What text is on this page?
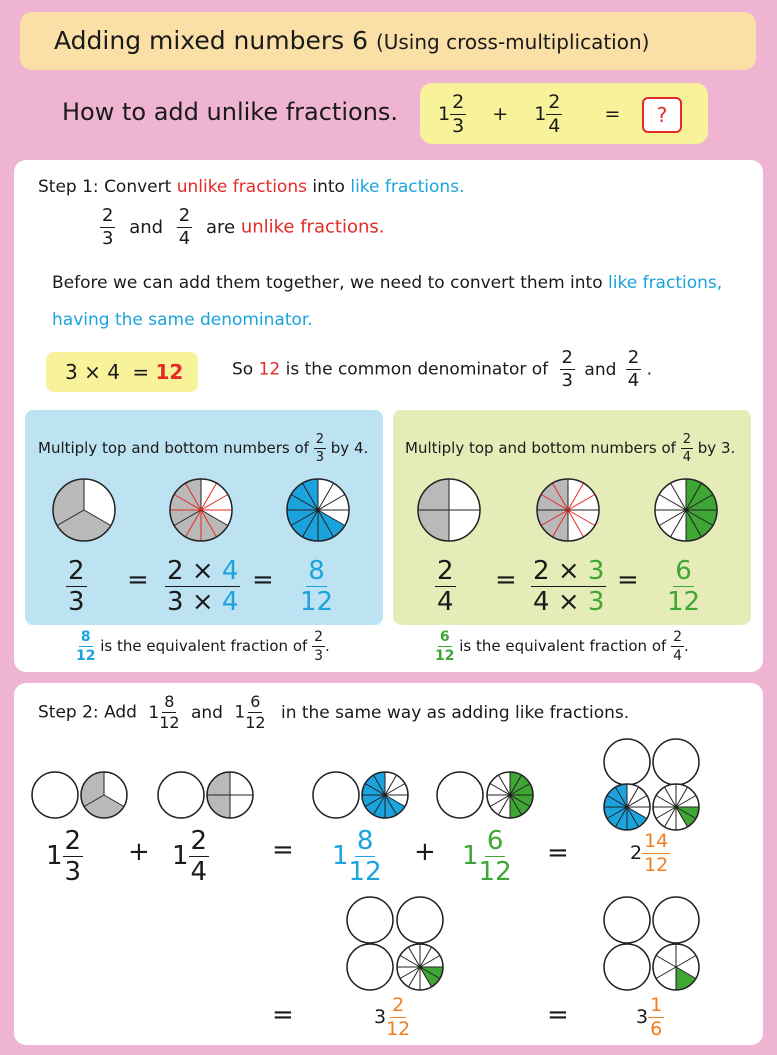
Adding mixed numbers 6 (Using cross-multiplication)
How to add unlike fractions. $1 \frac{2}{3} + 1 \frac{2}{4}$ =	?
Step 1: Convert unlike fractions into like fractions.
$\frac{2}{3}$ and $\frac{2}{4}$ are unlike fractions.
Before we can add them together, we need to convert them into like fractions,
having the same denominator.
3 × 4 = 12	So 12 is the common denominator of $\frac{2}{3}$ and $\frac{2}{4}$ .
Multiply top and bottom numbers of $\frac{2}{3}$ by 4.
$\frac{2}{3} = \frac{2 \times 4}{3 \times 4} = \frac{8}{12}$
Multiply top and bottom numbers of $\frac{2}{4}$ by 3.
$\frac{2}{4} = \frac{2 \times 3}{4 \times 3} = \frac{6}{12}$
$\frac{8}{12}$ is the equivalent fraction of $\frac{2}{3}$ .	$\frac{6}{12}$ is the equivalent fraction of $\frac{2}{4}$ .
Step 2: Add $1 \frac{8}{12}$ and $1 \frac{6}{12}$ in the same way as adding like fractions.
$1 \frac{2}{3} + 1 \frac{2}{4} = 1 \frac{8}{12} + 1 \frac{6}{12}$ =	$2 \frac{14}{12}$
=	$3 \frac{2}{12}$	=	$3 \frac{1}{6}$
